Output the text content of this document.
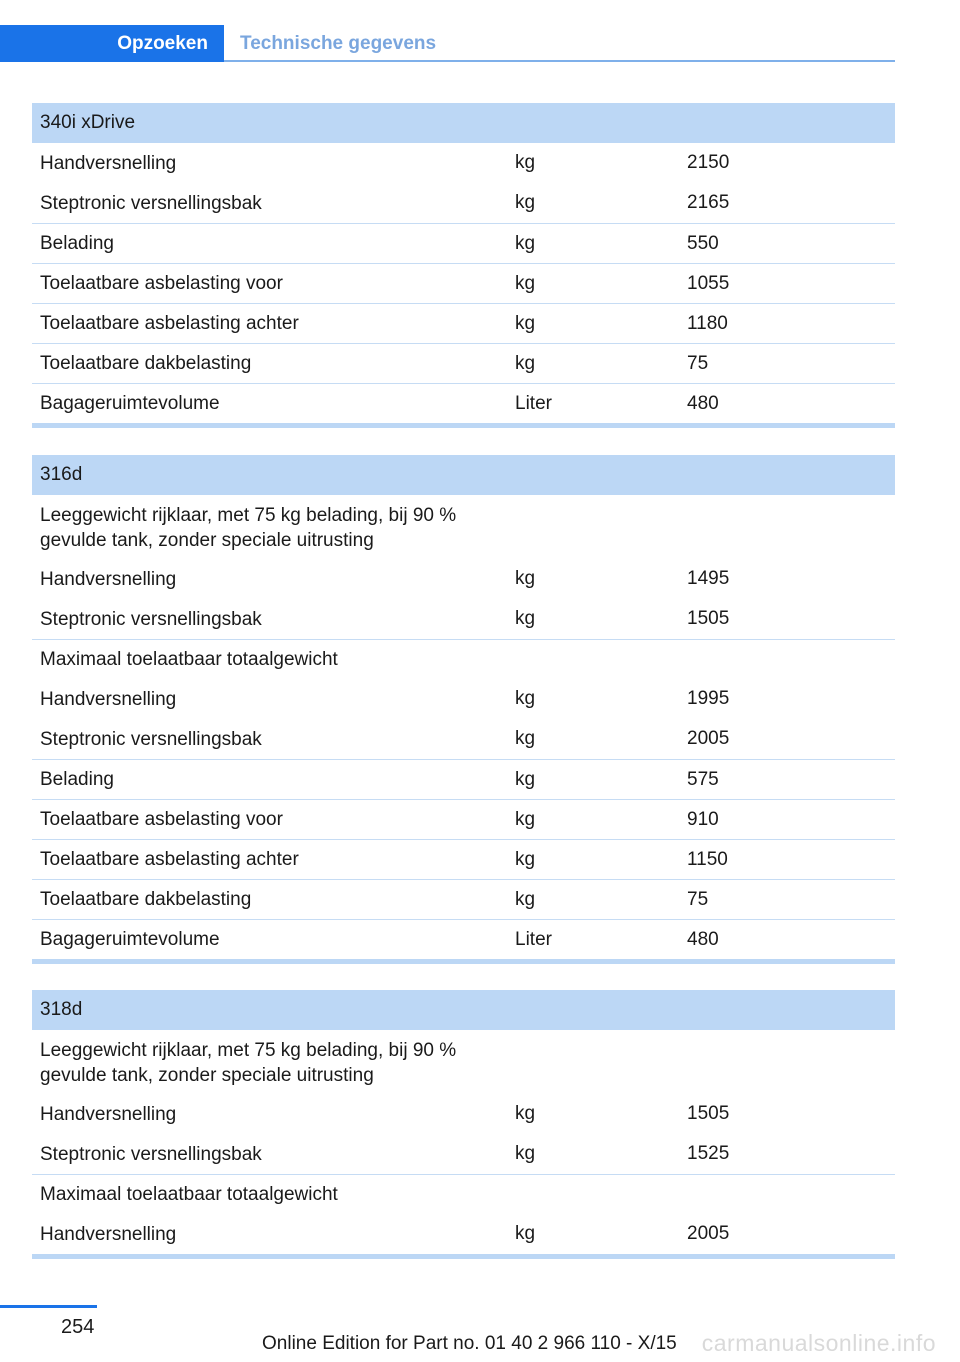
Opzoeken	Technische gegevens
340i xDrive
Handversnelling	kg	2150
Steptronic versnellingsbak	kg	2165
Belading	kg	550
Toelaatbare asbelasting voor	kg	1055
Toelaatbare asbelasting achter	kg	1180
Toelaatbare dakbelasting	kg	75
Bagageruimtevolume	Liter	480
316d
Leeggewicht rijklaar, met 75 kg belading, bij 90 % gevulde tank, zonder speciale uitrusting
Handversnelling	kg	1495
Steptronic versnellingsbak	kg	1505
Maximaal toelaatbaar totaalgewicht
Handversnelling	kg	1995
Steptronic versnellingsbak	kg	2005
Belading	kg	575
Toelaatbare asbelasting voor	kg	910
Toelaatbare asbelasting achter	kg	1150
Toelaatbare dakbelasting	kg	75
Bagageruimtevolume	Liter	480
318d
Leeggewicht rijklaar, met 75 kg belading, bij 90 % gevulde tank, zonder speciale uitrusting
Handversnelling	kg	1505
Steptronic versnellingsbak	kg	1525
Maximaal toelaatbaar totaalgewicht
Handversnelling	kg	2005
254
Online Edition for Part no. 01 40 2 966 110 - X/15 carmanualsonline.info
